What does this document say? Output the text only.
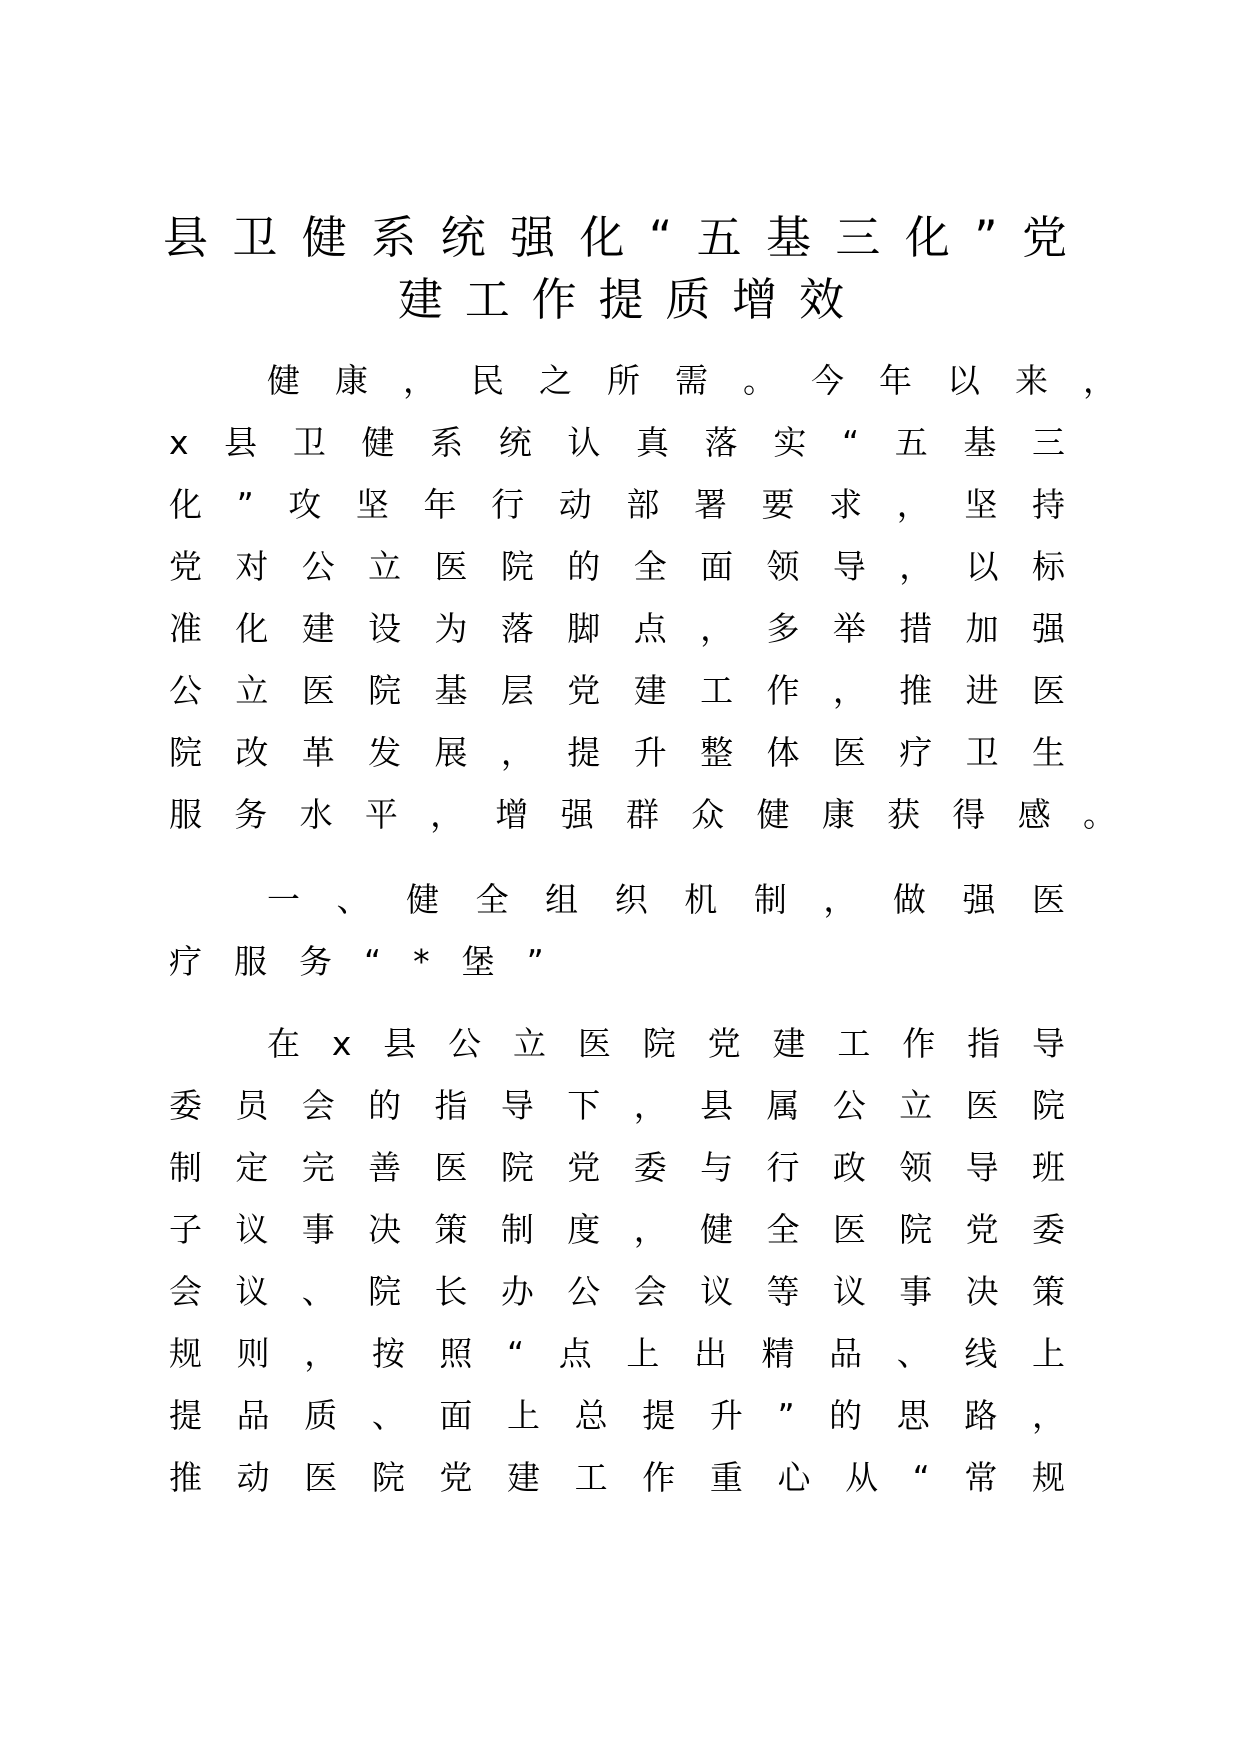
县卫健系统强化“五基三化”党
建工作提质增效
健康，民之所需。今年以来，
x县卫健系统认真落实“五基三
化”攻坚年行动部署要求，坚持
党对公立医院的全面领导，以标
准化建设为落脚点，多举措加强
公立医院基层党建工作，推进医
院改革发展，提升整体医疗卫生
服务水平，增强群众健康获得感。
一、健全组织机制，做强医
疗服务“*堡”
在x县公立医院党建工作指导
委员会的指导下，县属公立医院
制定完善医院党委与行政领导班
子议事决策制度，健全医院党委
会议、院长办公会议等议事决策
规则，按照“点上出精品、线上
提品质、面上总提升”的思路，
推动医院党建工作重心从“常规
